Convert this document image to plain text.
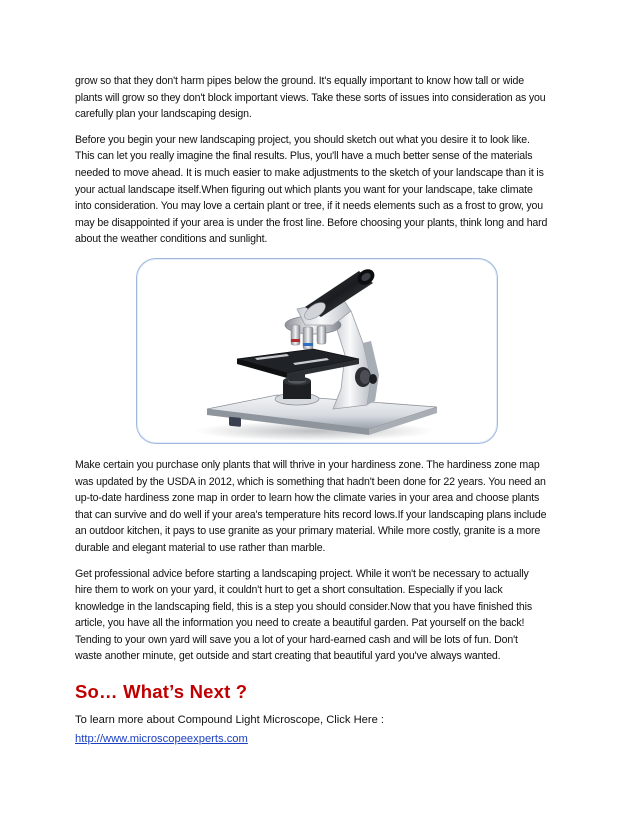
grow so that they don't harm pipes below the ground. It's equally important to know how tall or wide
plants will grow so they don't block important views. Take these sorts of issues into consideration as you
carefully plan your landscaping design.

Before you begin your new landscaping project, you should sketch out what you desire it to look like.
This can let you really imagine the final results. Plus, you'll have a much better sense of the materials
needed to move ahead. It is much easier to make adjustments to the sketch of your landscape than it is
your actual landscape itself.When figuring out which plants you want for your landscape, take climate
into consideration. You may love a certain plant or tree, if it needs elements such as a frost to grow, you
may be disappointed if your area is under the frost line. Before choosing your plants, think long and hard
about the weather conditions and sunlight.

Make certain you purchase only plants that will thrive in your hardiness zone. The hardiness zone map
was updated by the USDA in 2012, which is something that hadn't been done for 22 years. You need an
up-to-date hardiness zone map in order to learn how the climate varies in your area and choose plants
that can survive and do well if your area's temperature hits record lows.If your landscaping plans include
an outdoor kitchen, it pays to use granite as your primary material. While more costly, granite is a more
durable and elegant material to use rather than marble.

Get professional advice before starting a landscaping project. While it won't be necessary to actually
hire them to work on your yard, it couldn't hurt to get a short consultation. Especially if you lack
knowledge in the landscaping field, this is a step you should consider.Now that you have finished this
article, you have all the information you need to create a beautiful garden. Pat yourself on the back!
Tending to your own yard will save you a lot of your hard-earned cash and will be lots of fun. Don't
waste another minute, get outside and start creating that beautiful yard you've always wanted.

So… What’s Next ?

To learn more about Compound Light Microscope, Click Here :

http://www.microscopeexperts.com
